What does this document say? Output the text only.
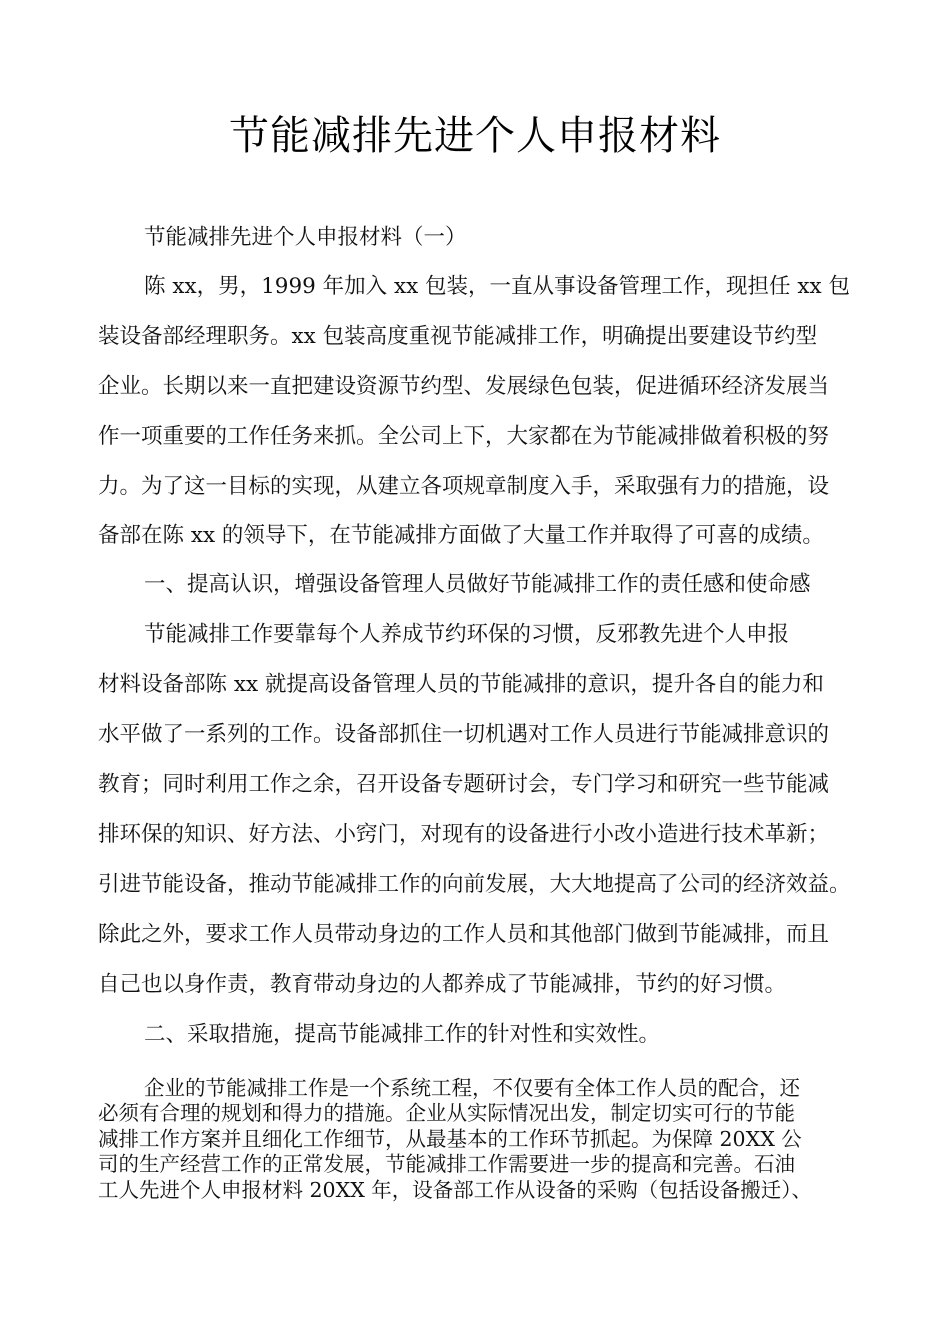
节能减排先进个人申报材料
节能减排先进个人申报材料（一）
陈 xx，男，1999 年加入 xx 包装，一直从事设备管理工作，现担任 xx 包
装设备部经理职务。xx 包装高度重视节能减排工作，明确提出要建设节约型
企业。长期以来一直把建设资源节约型、发展绿色包装，促进循环经济发展当
作一项重要的工作任务来抓。全公司上下，大家都在为节能减排做着积极的努
力。为了这一目标的实现，从建立各项规章制度入手，采取强有力的措施，设
备部在陈 xx 的领导下，在节能减排方面做了大量工作并取得了可喜的成绩。
一、提高认识，增强设备管理人员做好节能减排工作的责任感和使命感
节能减排工作要靠每个人养成节约环保的习惯，反邪教先进个人申报
材料设备部陈 xx 就提高设备管理人员的节能减排的意识，提升各自的能力和
水平做了一系列的工作。设备部抓住一切机遇对工作人员进行节能减排意识的
教育；同时利用工作之余，召开设备专题研讨会，专门学习和研究一些节能减
排环保的知识、好方法、小窍门，对现有的设备进行小改小造进行技术革新；
引进节能设备，推动节能减排工作的向前发展，大大地提高了公司的经济效益。
除此之外，要求工作人员带动身边的工作人员和其他部门做到节能减排，而且
自己也以身作责，教育带动身边的人都养成了节能减排，节约的好习惯。
二、采取措施，提高节能减排工作的针对性和实效性。
企业的节能减排工作是一个系统工程，不仅要有全体工作人员的配合，还
必须有合理的规划和得力的措施。企业从实际情况出发，制定切实可行的节能
减排工作方案并且细化工作细节，从最基本的工作环节抓起。为保障 20XX 公
司的生产经营工作的正常发展，节能减排工作需要进一步的提高和完善。石油
工人先进个人申报材料 20XX 年，设备部工作从设备的采购（包括设备搬迁）、
